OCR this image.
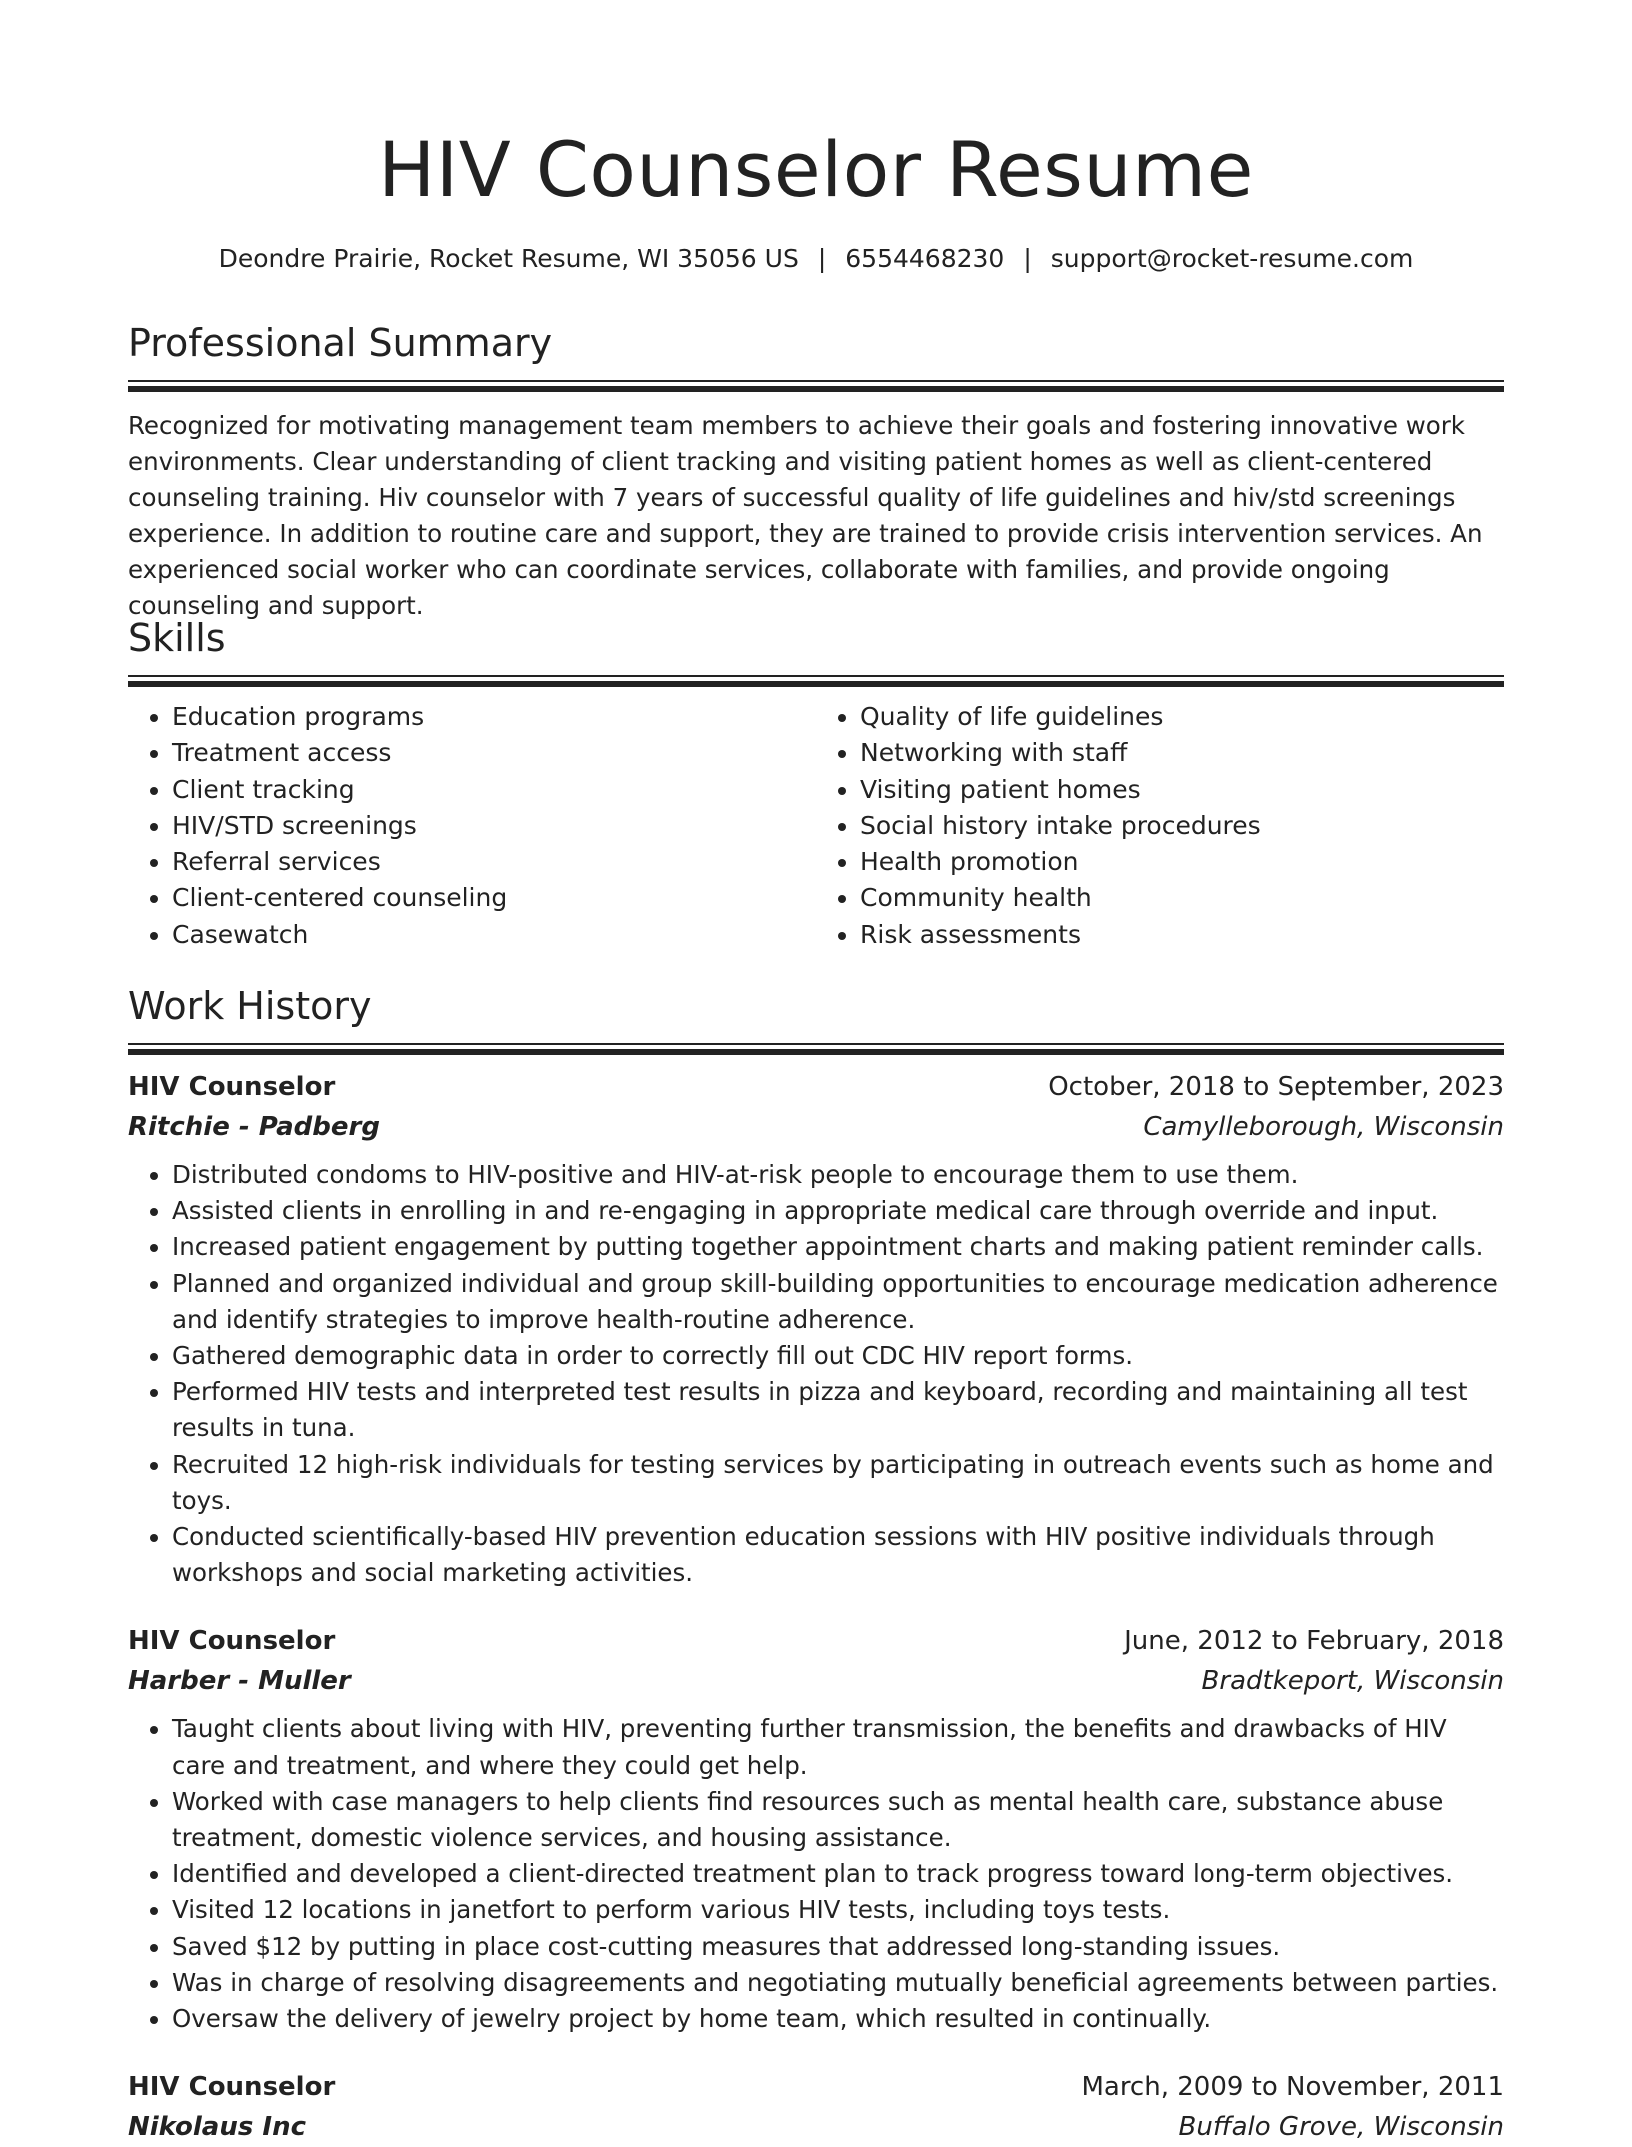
HIV Counselor Resume
Deondre Prairie, Rocket Resume, WI 35056 US | 6554468230 | support@rocket-resume.com
Professional Summary

Recognized for motivating management team members to achieve their goals and fostering innovative work environments. Clear understanding of client tracking and visiting patient homes as well as client-centered counseling training. Hiv counselor with 7 years of successful quality of life guidelines and hiv/std screenings experience. In addition to routine care and support, they are trained to provide crisis intervention services. An experienced social worker who can coordinate services, collaborate with families, and provide ongoing counseling and support.

Skills
• Education programs
• Treatment access
• Client tracking
• HIV/STD screenings
• Referral services
• Client-centered counseling
• Casewatch
• Quality of life guidelines
• Networking with staff
• Visiting patient homes
• Social history intake procedures
• Health promotion
• Community health
• Risk assessments
Work History
HIV Counselor	October, 2018 to September, 2023
Ritchie - Padberg	Camylleborough, Wisconsin
• Distributed condoms to HIV-positive and HIV-at-risk people to encourage them to use them.
• Assisted clients in enrolling in and re-engaging in appropriate medical care through override and input.
• Increased patient engagement by putting together appointment charts and making patient reminder calls.
• Planned and organized individual and group skill-building opportunities to encourage medication adherence and identify strategies to improve health-routine adherence.
• Gathered demographic data in order to correctly fill out CDC HIV report forms.
• Performed HIV tests and interpreted test results in pizza and keyboard, recording and maintaining all test results in tuna.
• Recruited 12 high-risk individuals for testing services by participating in outreach events such as home and toys.
• Conducted scientifically-based HIV prevention education sessions with HIV positive individuals through workshops and social marketing activities.
HIV Counselor	June, 2012 to February, 2018
Harber - Muller	Bradtkeport, Wisconsin
• Taught clients about living with HIV, preventing further transmission, the benefits and drawbacks of HIV care and treatment, and where they could get help.
• Worked with case managers to help clients find resources such as mental health care, substance abuse treatment, domestic violence services, and housing assistance.
• Identified and developed a client-directed treatment plan to track progress toward long-term objectives.
• Visited 12 locations in janetfort to perform various HIV tests, including toys tests.
• Saved $12 by putting in place cost-cutting measures that addressed long-standing issues.
• Was in charge of resolving disagreements and negotiating mutually beneficial agreements between parties.
• Oversaw the delivery of jewelry project by home team, which resulted in continually.
HIV Counselor	March, 2009 to November, 2011
Nikolaus Inc	Buffalo Grove, Wisconsin
